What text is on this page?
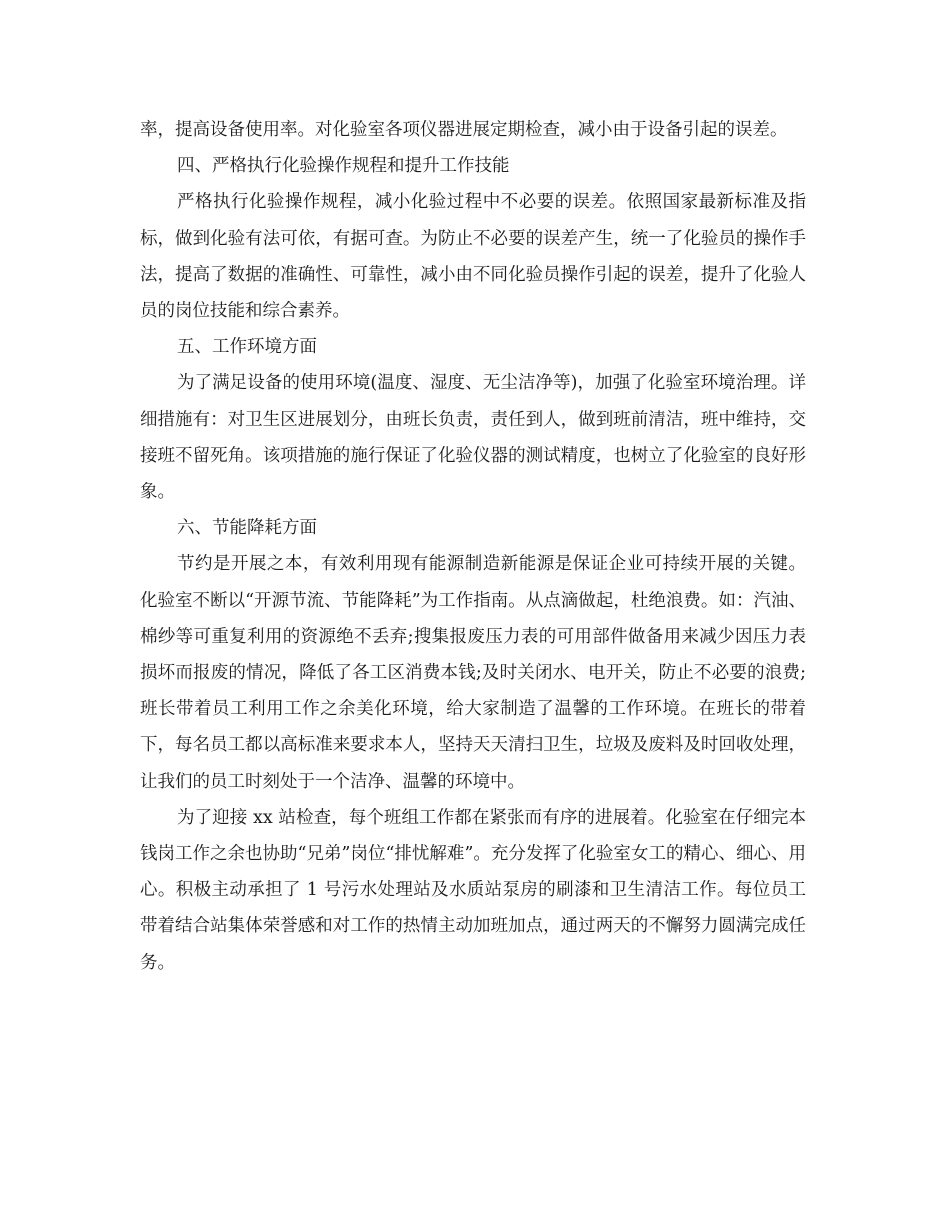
率，提高设备使用率。对化验室各项仪器进展定期检查，减小由于设备引起的误差。

四、严格执行化验操作规程和提升工作技能

严格执行化验操作规程，减小化验过程中不必要的误差。依照国家最新标准及指标，做到化验有法可依，有据可查。为防止不必要的误差产生，统一了化验员的操作手法，提高了数据的准确性、可靠性，减小由不同化验员操作引起的误差，提升了化验人员的岗位技能和综合素养。

五、工作环境方面

为了满足设备的使用环境(温度、湿度、无尘洁净等)，加强了化验室环境治理。详细措施有：对卫生区进展划分，由班长负责，责任到人，做到班前清洁，班中维持，交接班不留死角。该项措施的施行保证了化验仪器的测试精度，也树立了化验室的良好形象。

六、节能降耗方面

节约是开展之本，有效利用现有能源制造新能源是保证企业可持续开展的关键。化验室不断以“开源节流、节能降耗”为工作指南。从点滴做起，杜绝浪费。如：汽油、棉纱等可重复利用的资源绝不丢弃;搜集报废压力表的可用部件做备用来减少因压力表损坏而报废的情况，降低了各工区消费本钱;及时关闭水、电开关，防止不必要的浪费;班长带着员工利用工作之余美化环境，给大家制造了温馨的工作环境。在班长的带着下，每名员工都以高标准来要求本人，坚持天天清扫卫生，垃圾及废料及时回收处理，让我们的员工时刻处于一个洁净、温馨的环境中。

为了迎接 xx 站检查，每个班组工作都在紧张而有序的进展着。化验室在仔细完本钱岗工作之余也协助“兄弟”岗位“排忧解难”。充分发挥了化验室女工的精心、细心、用心。积极主动承担了 1 号污水处理站及水质站泵房的刷漆和卫生清洁工作。每位员工带着结合站集体荣誉感和对工作的热情主动加班加点，通过两天的不懈努力圆满完成任务。
